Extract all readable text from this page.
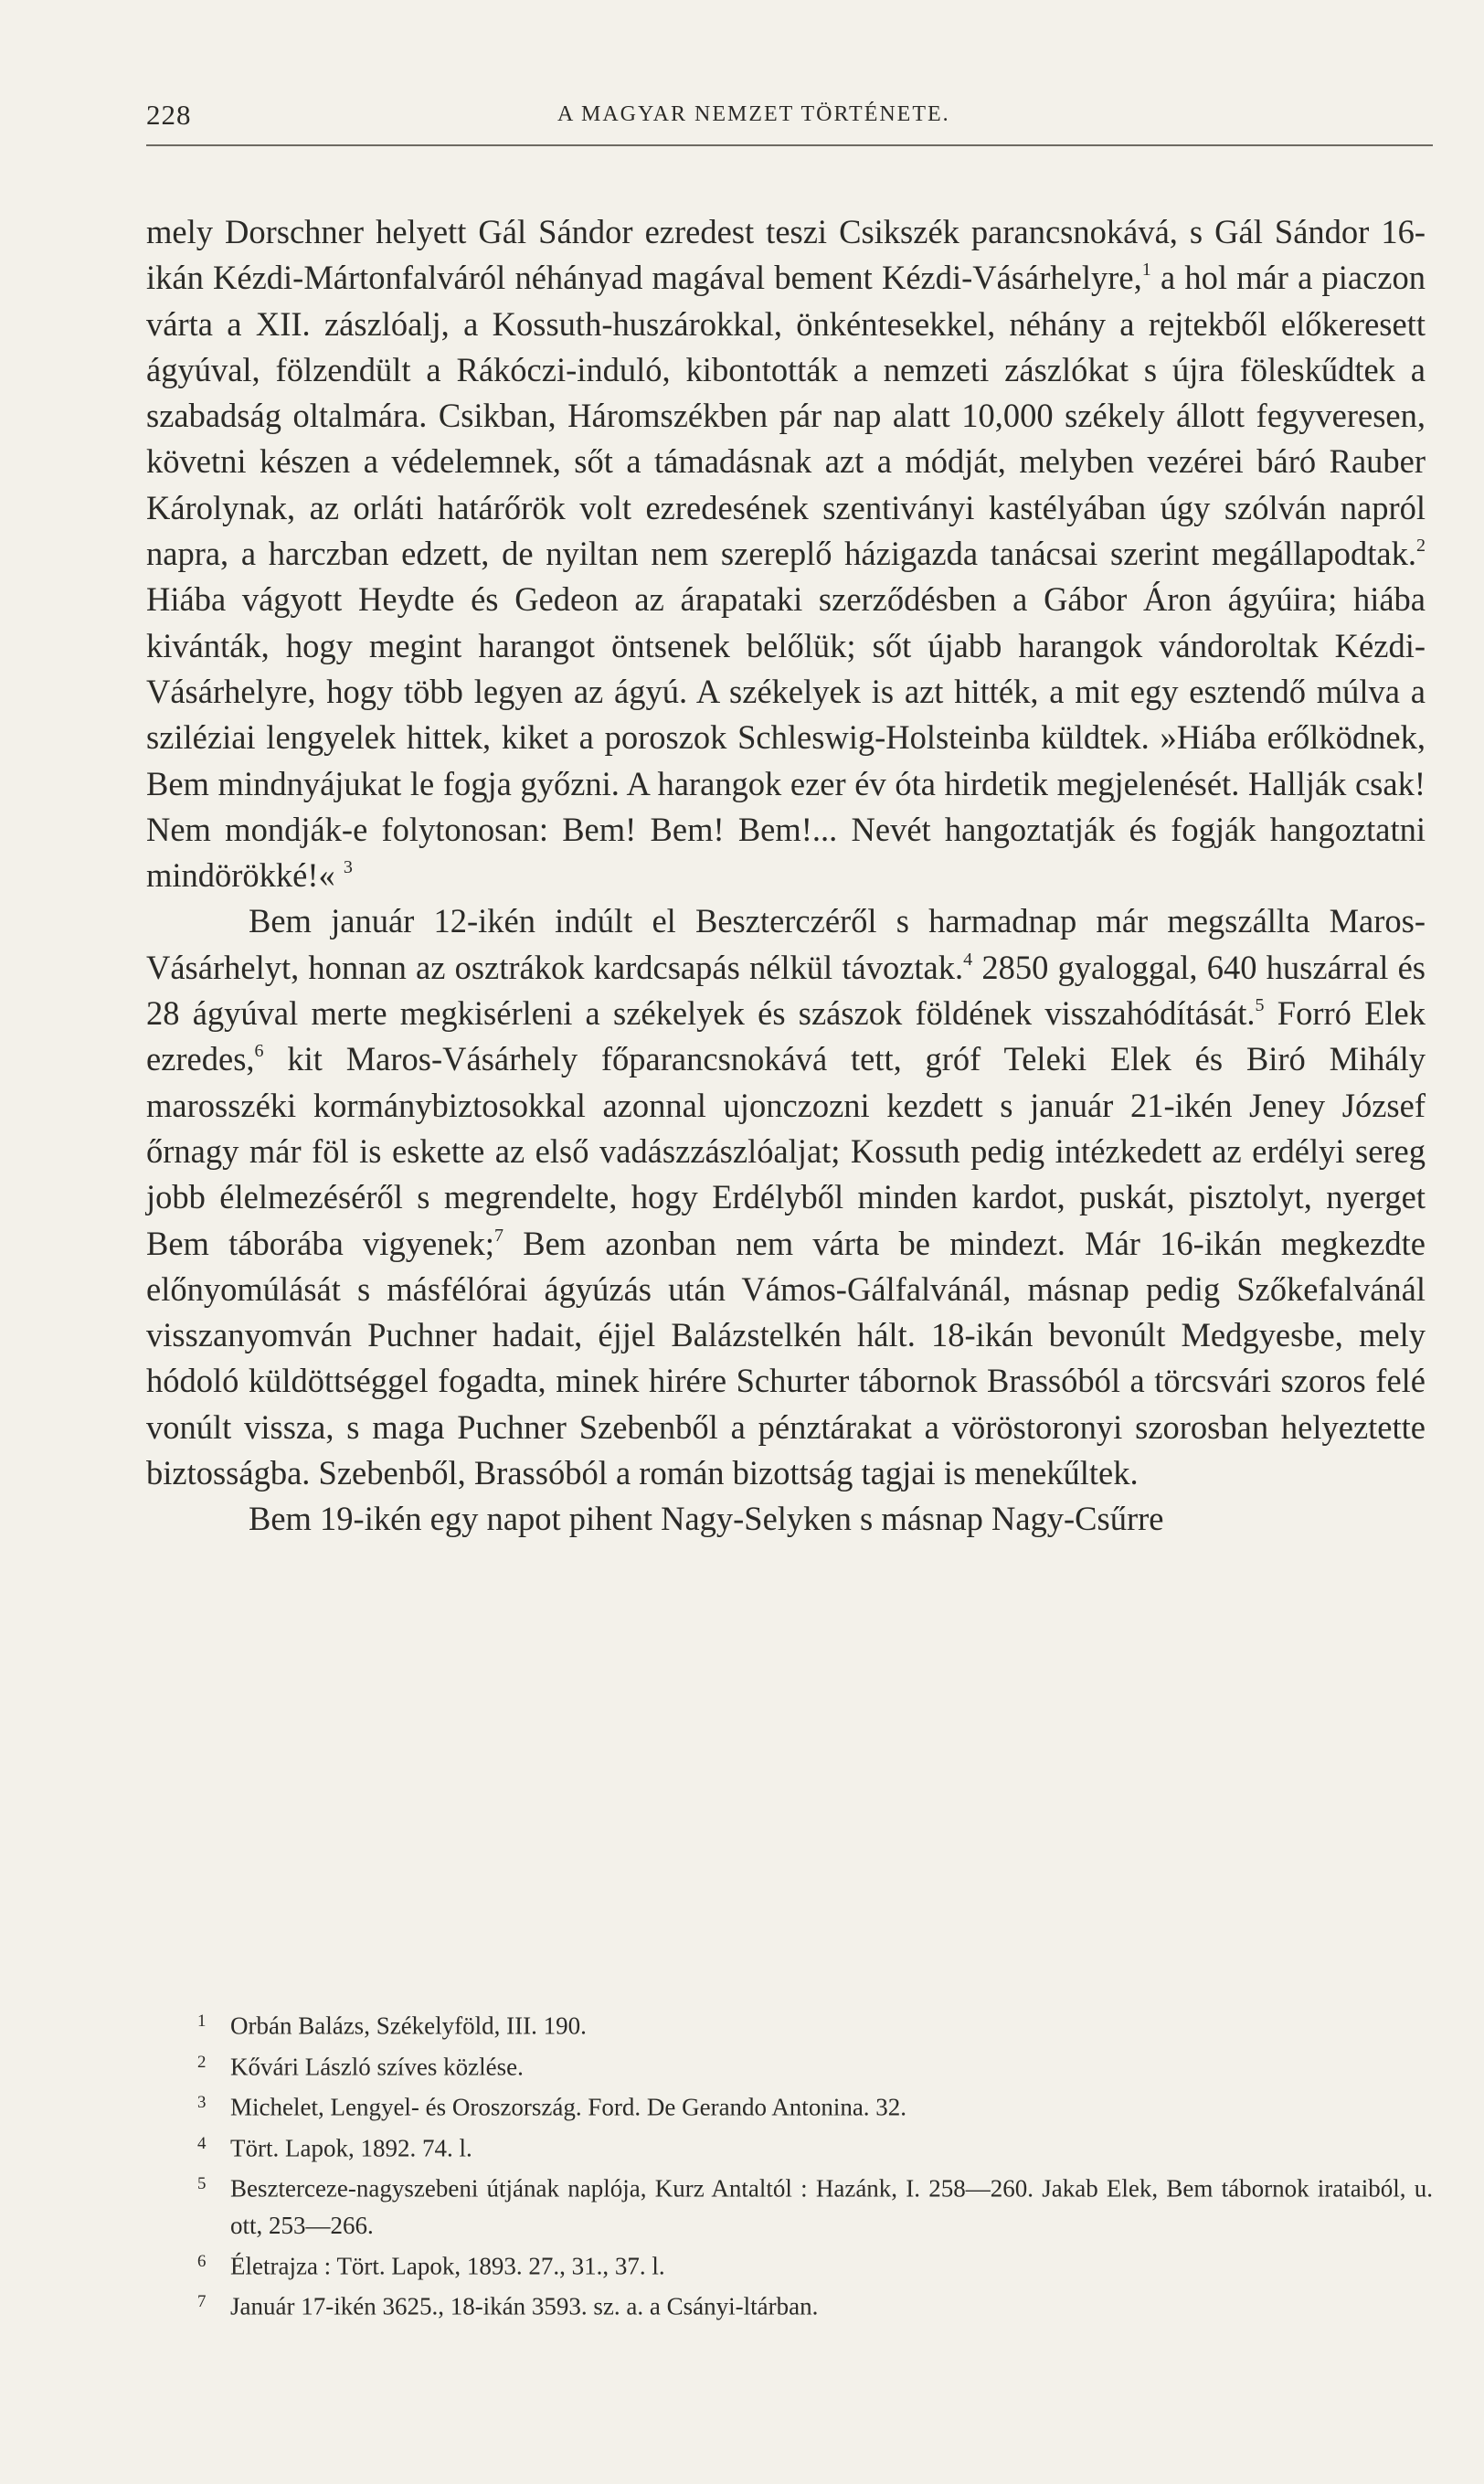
228	A MAGYAR NEMZET TÖRTÉNETE.

mely Dorschner helyett Gál Sándor ezredest teszi Csikszék parancsnokává, s Gál Sándor 16-ikán Kézdi-Mártonfalváról néhányad magával bement Kézdi-Vásárhelyre,$^1$ a hol már a piaczon várta a XII. zászlóalj, a Kossuth-huszárokkal, önkéntesekkel, néhány a rejtekből előkeresett ágyúval, fölzendült a Rákóczi-induló, kibontották a nemzeti zászlókat s újra föleskűdtek a szabadság oltalmára. Csikban, Háromszékben pár nap alatt 10,000 székely állott fegyveresen, követni készen a védelemnek, sőt a támadásnak azt a módját, melyben vezérei báró Rauber Károlynak, az orláti határőrök volt ezredesének szentiványi kastélyában úgy szólván napról napra, a harczban edzett, de nyiltan nem szereplő házigazda tanácsai szerint megállapodtak.$^2$ Hiába vágyott Heydte és Gedeon az árapataki szerződésben a Gábor Áron ágyúira; hiába kivánták, hogy megint harangot öntsenek belőlük; sőt újabb harangok vándoroltak Kézdi-Vásárhelyre, hogy több legyen az ágyú. A székelyek is azt hitték, a mit egy esztendő múlva a sziléziai lengyelek hittek, kiket a poroszok Schleswig-Holsteinba küldtek. »Hiába erőlködnek, Bem mindnyájukat le fogja győzni. A harangok ezer év óta hirdetik megjelenését. Hallják csak! Nem mondják-e folytonosan: Bem! Bem! Bem!... Nevét hangoztatják és fogják hangoztatni mindörökké!« $^3$

Bem január 12-ikén indúlt el Beszterczéről s harmadnap már megszállta Maros-Vásárhelyt, honnan az osztrákok kardcsapás nélkül távoztak.$^4$ 2850 gyaloggal, 640 huszárral és 28 ágyúval merte megkisérleni a székelyek és szászok földének visszahódítását.$^5$ Forró Elek ezredes,$^6$ kit Maros-Vásárhely főparancsnokává tett, gróf Teleki Elek és Biró Mihály marosszéki kormánybiztosokkal azonnal ujonczozni kezdett s január 21-ikén Jeney József őrnagy már föl is eskette az első vadászzászlóaljat; Kossuth pedig intézkedett az erdélyi sereg jobb élelmezéséről s megrendelte, hogy Erdélyből minden kardot, puskát, pisztolyt, nyerget Bem táborába vigyenek;$^7$ Bem azonban nem várta be mindezt. Már 16-ikán megkezdte előnyomúlását s másfélórai ágyúzás után Vámos-Gálfalvánál, másnap pedig Szőkefalvánál visszanyomván Puchner hadait, éjjel Balázstelkén hált. 18-ikán bevonúlt Medgyesbe, mely hódoló küldöttséggel fogadta, minek hirére Schurter tábornok Brassóból a törcsvári szoros felé vonúlt vissza, s maga Puchner Szebenből a pénztárakat a vöröstoronyi szorosban helyeztette biztosságba. Szebenből, Brassóból a román bizottság tagjai is menekűltek.

Bem 19-ikén egy napot pihent Nagy-Selyken s másnap Nagy-Csűrre

1 Orbán Balázs, Székelyföld, III. 190.

2 Kővári László szíves közlése.

3 Michelet, Lengyel- és Oroszország. Ford. De Gerando Antonina. 32.

4 Tört. Lapok, 1892. 74. l.

5 Beszterceze-nagyszebeni útjának naplója, Kurz Antaltól : Hazánk, I. 258—260. Jakab Elek, Bem tábornok irataiból, u. ott, 253—266.

6 Életrajza : Tört. Lapok, 1893. 27., 31., 37. l.

7 Január 17-ikén 3625., 18-ikán 3593. sz. a. a Csányi-ltárban.
